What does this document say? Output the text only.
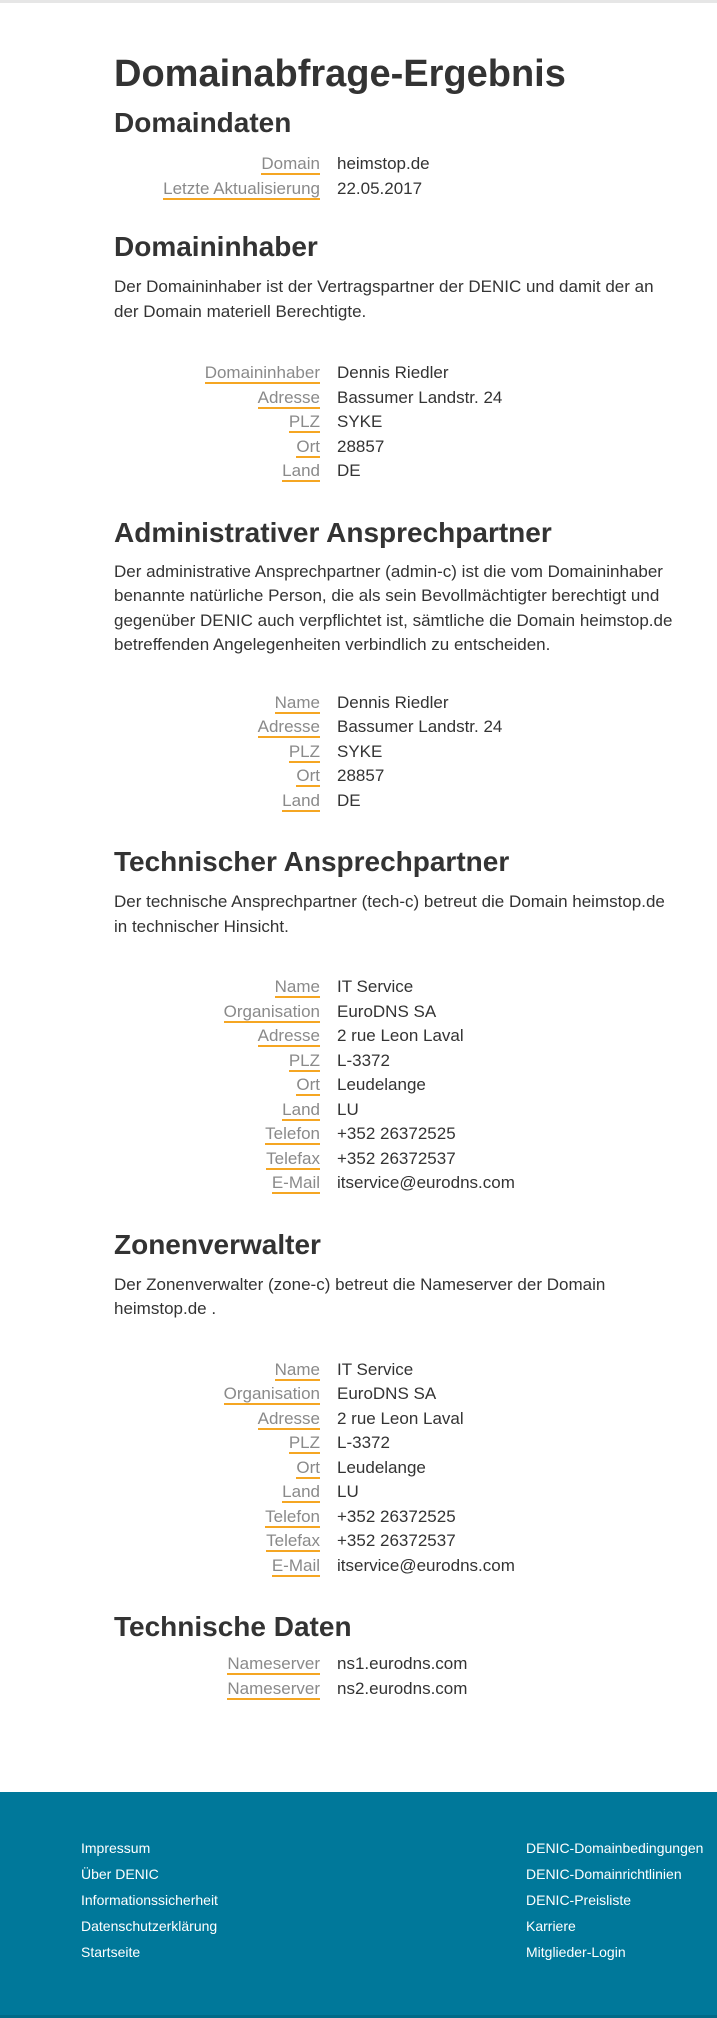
Domainabfrage-Ergebnis
Domaindaten
Domain heimstop.de
Letzte Aktualisierung 22.05.2017
Domaininhaber

Der Domaininhaber ist der Vertragspartner der DENIC und damit der an der Domain materiell Berechtigte.

Domaininhaber Dennis Riedler
Adresse Bassumer Landstr. 24
PLZ SYKE
Ort 28857
Land DE
Administrativer Ansprechpartner

Der administrative Ansprechpartner (admin-c) ist die vom Domaininhaber benannte natürliche Person, die als sein Bevollmächtigter berechtigt und gegenüber DENIC auch verpflichtet ist, sämtliche die Domain heimstop.de betreffenden Angelegenheiten verbindlich zu entscheiden.

Name Dennis Riedler
Adresse Bassumer Landstr. 24
PLZ SYKE
Ort 28857
Land DE
Technischer Ansprechpartner

Der technische Ansprechpartner (tech-c) betreut die Domain heimstop.de in technischer Hinsicht.

Name IT Service
Organisation EuroDNS SA
Adresse 2 rue Leon Laval
PLZ L-3372
Ort Leudelange
Land LU
Telefon +352 26372525
Telefax +352 26372537
E-Mail itservice@eurodns.com
Zonenverwalter

Der Zonenverwalter (zone-c) betreut die Nameserver der Domain heimstop.de .

Name IT Service
Organisation EuroDNS SA
Adresse 2 rue Leon Laval
PLZ L-3372
Ort Leudelange
Land LU
Telefon +352 26372525
Telefax +352 26372537
E-Mail itservice@eurodns.com
Technische Daten
Nameserver ns1.eurodns.com
Nameserver ns2.eurodns.com
Impressum
Über DENIC
Informationssicherheit
Datenschutzerklärung
Startseite
DENIC-Domainbedingungen
DENIC-Domainrichtlinien
DENIC-Preisliste
Karriere
Mitglieder-Login
